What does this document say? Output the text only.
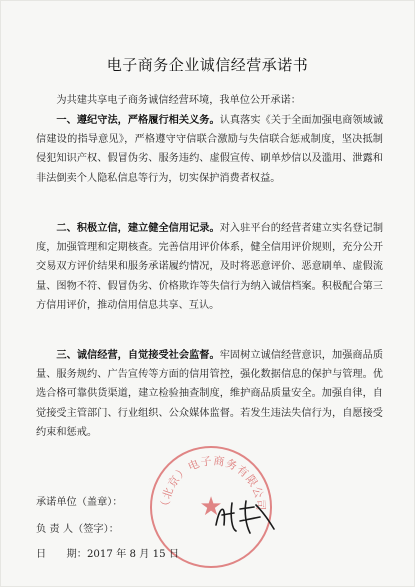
电子商务企业诚信经营承诺书
为共建共享电子商务诚信经营环境，我单位公开承诺：
一、遵纪守法，严格履行相关义务。认真落实《关于全面加强电商领域诚信建设的指导意见》，严格遵守守信联合激励与失信联合惩戒制度，坚决抵制侵犯知识产权、假冒伪劣、服务违约、虚假宣传、刷单炒信以及滥用、泄露和非法倒卖个人隐私信息等行为，切实保护消费者权益。
二、积极立信，建立健全信用记录。对入驻平台的经营者建立实名登记制度，加强管理和定期核查。完善信用评价体系，健全信用评价规则，充分公开交易双方评价结果和服务承诺履约情况，及时将恶意评价、恶意刷单、虚假流量、图物不符、假冒伪劣、价格欺诈等失信行为纳入诚信档案。积极配合第三方信用评价，推动信用信息共享、互认。
三、诚信经营，自觉接受社会监督。牢固树立诚信经营意识，加强商品质量、服务规约、广告宣传等方面的信用管控，强化数据信息的保护与管理。优选合格可靠供货渠道，建立检验抽查制度，维护商品质量安全。加强自律，自觉接受主管部门、行业组织、公众媒体监督。若发生违法失信行为，自愿接受约束和惩戒。
（北京）电子商务有限公司
★
承诺单位（盖章）：
负 责 人（签字）：
日　　期：2017 年 8 月 15 日
